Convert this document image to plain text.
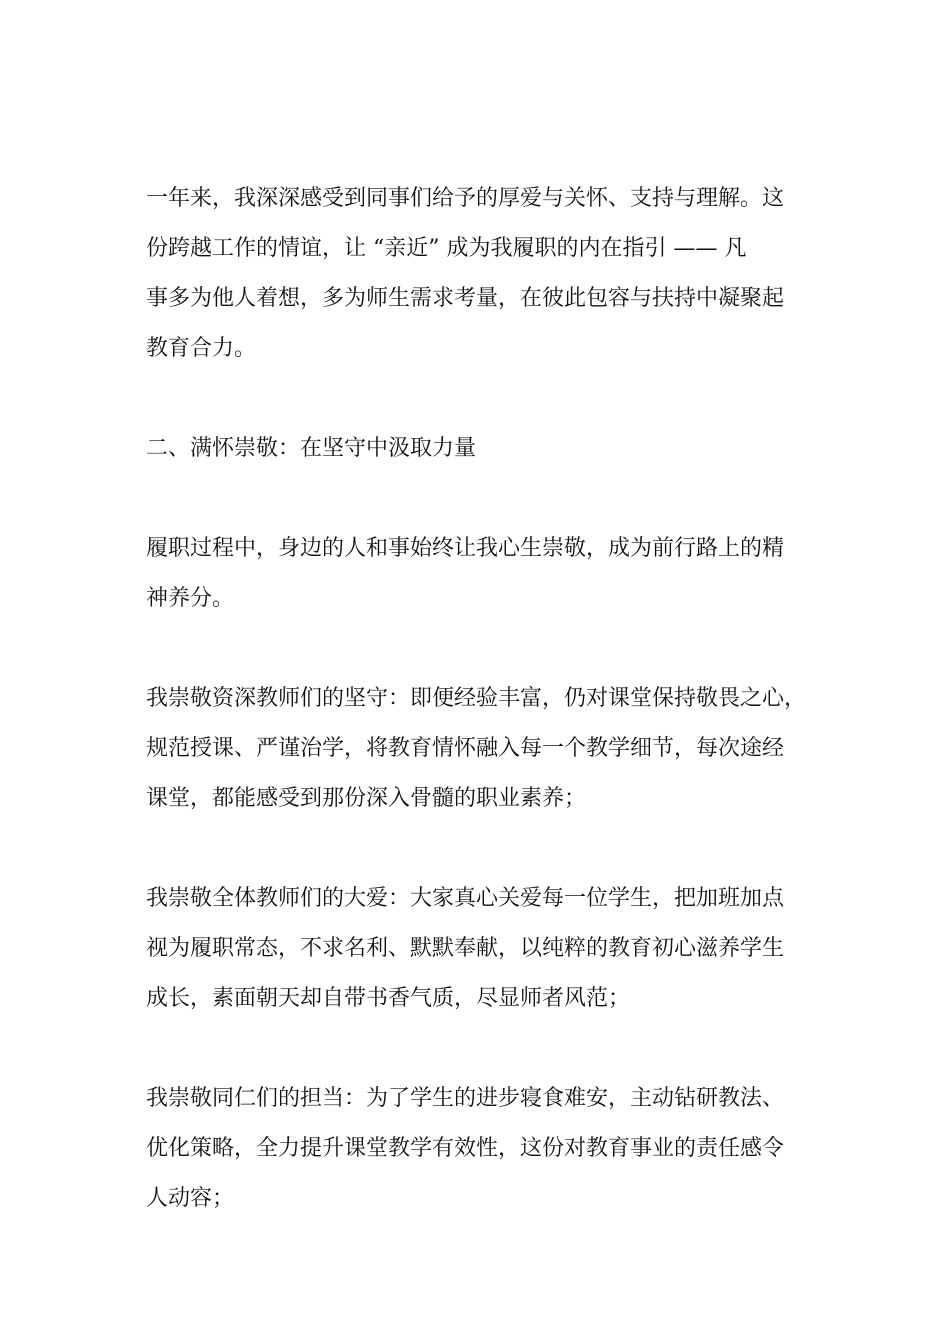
一年来，我深深感受到同事们给予的厚爱与关怀、支持与理解。这
份跨越工作的情谊，让 “亲近” 成为我履职的内在指引 —— 凡
事多为他人着想，多为师生需求考量，在彼此包容与扶持中凝聚起
教育合力。
二、满怀崇敬：在坚守中汲取力量
履职过程中，身边的人和事始终让我心生崇敬，成为前行路上的精
神养分。
我崇敬资深教师们的坚守：即便经验丰富，仍对课堂保持敬畏之心，
规范授课、严谨治学，将教育情怀融入每一个教学细节，每次途经
课堂，都能感受到那份深入骨髓的职业素养；
我崇敬全体教师们的大爱：大家真心关爱每一位学生，把加班加点
视为履职常态，不求名利、默默奉献，以纯粹的教育初心滋养学生
成长，素面朝天却自带书香气质，尽显师者风范；
我崇敬同仁们的担当：为了学生的进步寝食难安，主动钻研教法、
优化策略，全力提升课堂教学有效性，这份对教育事业的责任感令
人动容；
